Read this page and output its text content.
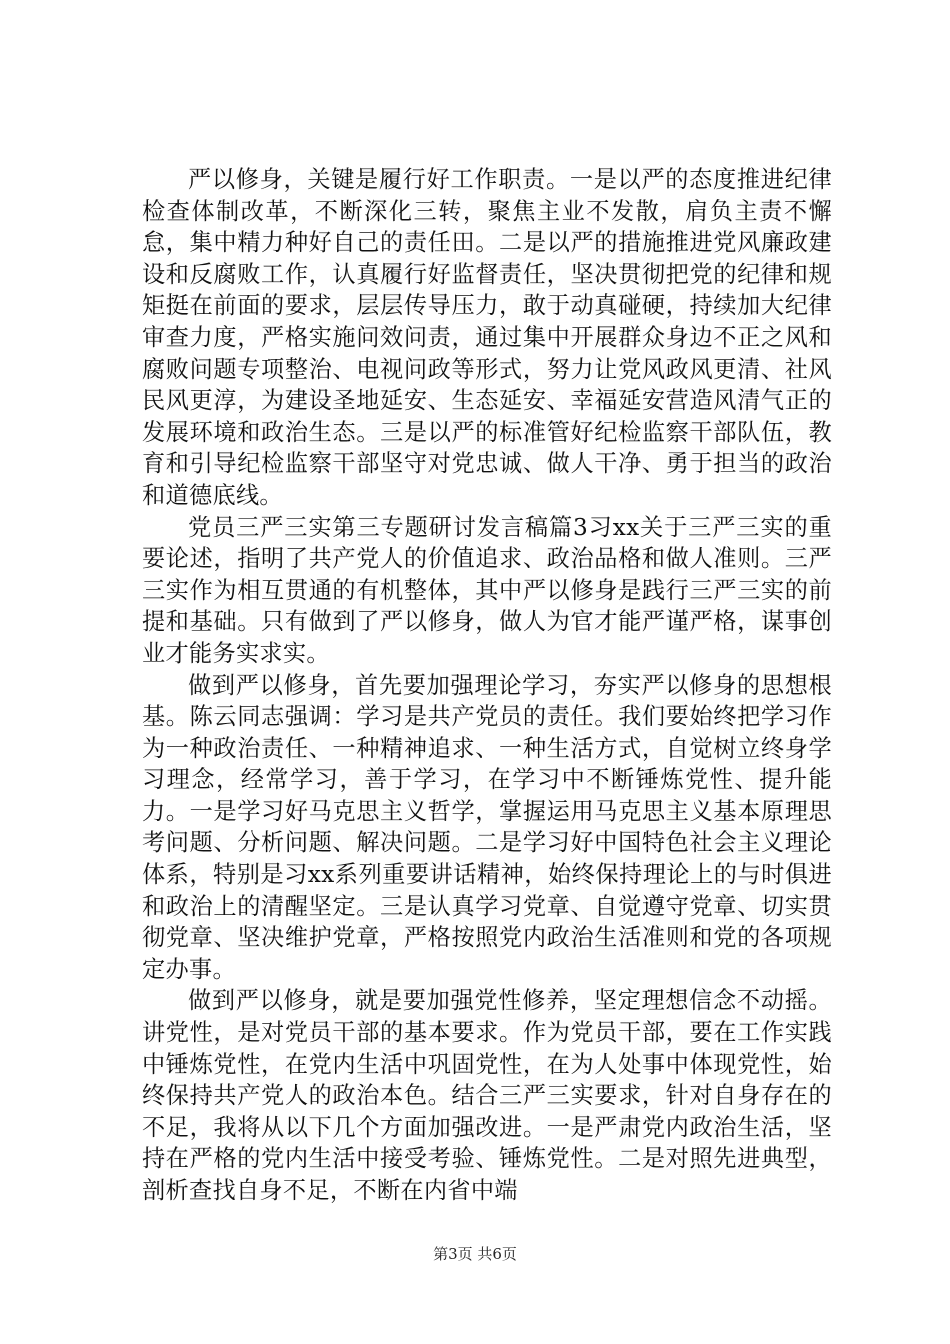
严以修身，关键是履行好工作职责。一是以严的态度推进纪律检查体制改革，不断深化三转，聚焦主业不发散，肩负主责不懈怠，集中精力种好自己的责任田。二是以严的措施推进党风廉政建设和反腐败工作，认真履行好监督责任，坚决贯彻把党的纪律和规矩挺在前面的要求，层层传导压力，敢于动真碰硬，持续加大纪律审查力度，严格实施问效问责，通过集中开展群众身边不正之风和腐败问题专项整治、电视问政等形式，努力让党风政风更清、社风民风更淳，为建设圣地延安、生态延安、幸福延安营造风清气正的发展环境和政治生态。三是以严的标准管好纪检监察干部队伍，教育和引导纪检监察干部坚守对党忠诚、做人干净、勇于担当的政治和道德底线。

党员三严三实第三专题研讨发言稿篇3习xx关于三严三实的重要论述，指明了共产党人的价值追求、政治品格和做人准则。三严三实作为相互贯通的有机整体，其中严以修身是践行三严三实的前提和基础。只有做到了严以修身，做人为官才能严谨严格，谋事创业才能务实求实。

做到严以修身，首先要加强理论学习，夯实严以修身的思想根基。陈云同志强调：学习是共产党员的责任。我们要始终把学习作为一种政治责任、一种精神追求、一种生活方式，自觉树立终身学习理念，经常学习，善于学习，在学习中不断锤炼党性、提升能力。一是学习好马克思主义哲学，掌握运用马克思主义基本原理思考问题、分析问题、解决问题。二是学习好中国特色社会主义理论体系，特别是习xx系列重要讲话精神，始终保持理论上的与时俱进和政治上的清醒坚定。三是认真学习党章、自觉遵守党章、切实贯彻党章、坚决维护党章，严格按照党内政治生活准则和党的各项规定办事。

做到严以修身，就是要加强党性修养，坚定理想信念不动摇。讲党性，是对党员干部的基本要求。作为党员干部，要在工作实践中锤炼党性，在党内生活中巩固党性，在为人处事中体现党性，始终保持共产党人的政治本色。结合三严三实要求，针对自身存在的不足，我将从以下几个方面加强改进。一是严肃党内政治生活，坚持在严格的党内生活中接受考验、锤炼党性。二是对照先进典型，剖析查找自身不足，不断在内省中端

第3页 共6页
